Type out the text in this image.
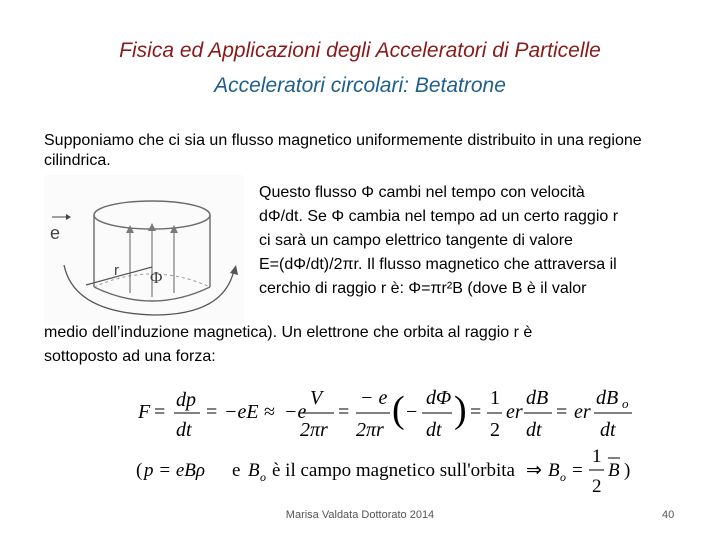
Fisica ed Applicazioni degli Acceleratori di Particelle
Acceleratori circolari: Betatrone
Supponiamo che ci sia un flusso magnetico uniformemente distribuito in una regione cilindrica.
e
r Φ
Questo flusso Φ cambi nel tempo con velocità
dΦ/dt. Se Φ cambia nel tempo ad un certo raggio r
ci sarà un campo elettrico tangente di valore
E=(dΦ/dt)/2πr. Il flusso magnetico che attraversa il
cerchio di raggio r è: Φ=πr²B (dove B è il valor
medio dell’induzione magnetica). Un elettrone che orbita al raggio r è
sottoposto ad una forza:
F =
dp
dt
= −eE ≈ −e
V
2πr
=
− e
2πr ( −
dΦ
dt ) =
1
2
er
dB
dt
= er
dB o
dt
( p = eBρ e B o è il campo magnetico sull'orbita ⇒ B o =
1
2
B )
Marisa Valdata Dottorato 2014	40
